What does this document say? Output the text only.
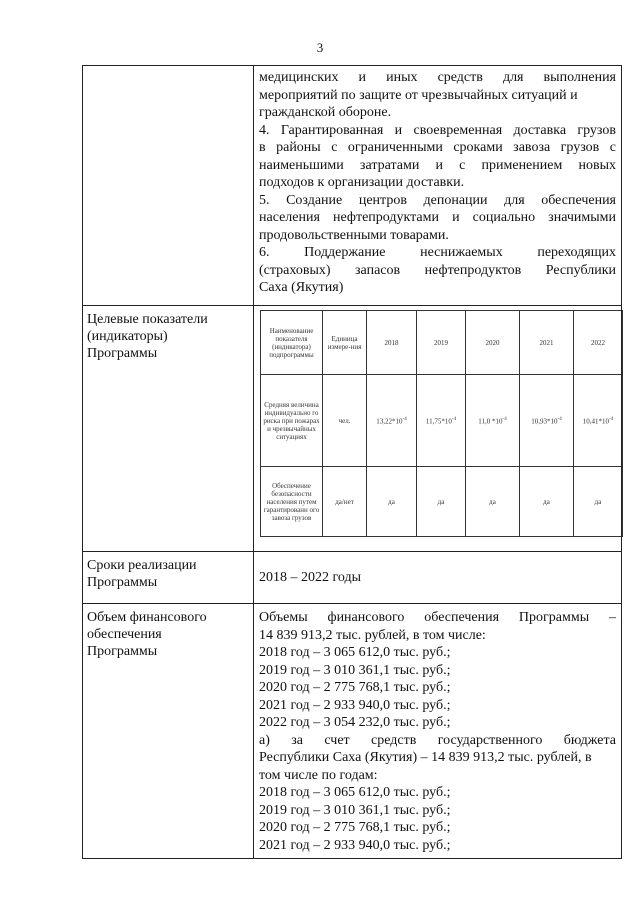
3

медицинских и иных средств для выполнения

мероприятий по защите от чрезвычайных ситуаций и

гражданской обороне.

4. Гарантированная и своевременная доставка грузов

в районы с ограниченными сроками завоза грузов с

наименьшими затратами и с применением новых

подходов к организации доставки.

5. Создание центров депонации для обеспечения

населения нефтепродуктами и социально значимыми

продовольственными товарами.

6. Поддержание неснижаемых переходящих

(страховых) запасов нефтепродуктов Республики

Саха (Якутия)

Целевые показатели
(индикаторы)
Программы

Наименование показателя (индикатора) подпрограммы	Единица измере-ния	2018	2019	2020	2021	2022
Средняя величина индивидуально го риска при пожарах и чрезвычайных ситуациях	чел.	$13,22*10^{-4}$	$11,75*10^{-4}$	11,0 $*10^{-4}$	$10,93*10^{-4}$	$10,41*10^{-4}$
Обеспечение безопасности населения путем гарантированн ого завоза грузов	да/нет	да	да	да	да	да

Сроки реализации
Программы	2018 – 2022 годы

Объем финансового
обеспечения
Программы

Объемы финансового обеспечения Программы –

14 839 913,2 тыс. рублей, в том числе:

2018 год – 3 065 612,0 тыс. руб.;

2019 год – 3 010 361,1 тыс. руб.;

2020 год – 2 775 768,1 тыс. руб.;

2021 год – 2 933 940,0 тыс. руб.;

2022 год – 3 054 232,0 тыс. руб.;

а) за счет средств государственного бюджета

Республики Саха (Якутия) – 14 839 913,2 тыс. рублей, в

том числе по годам:

2018 год – 3 065 612,0 тыс. руб.;

2019 год – 3 010 361,1 тыс. руб.;

2020 год – 2 775 768,1 тыс. руб.;

2021 год – 2 933 940,0 тыс. руб.;
